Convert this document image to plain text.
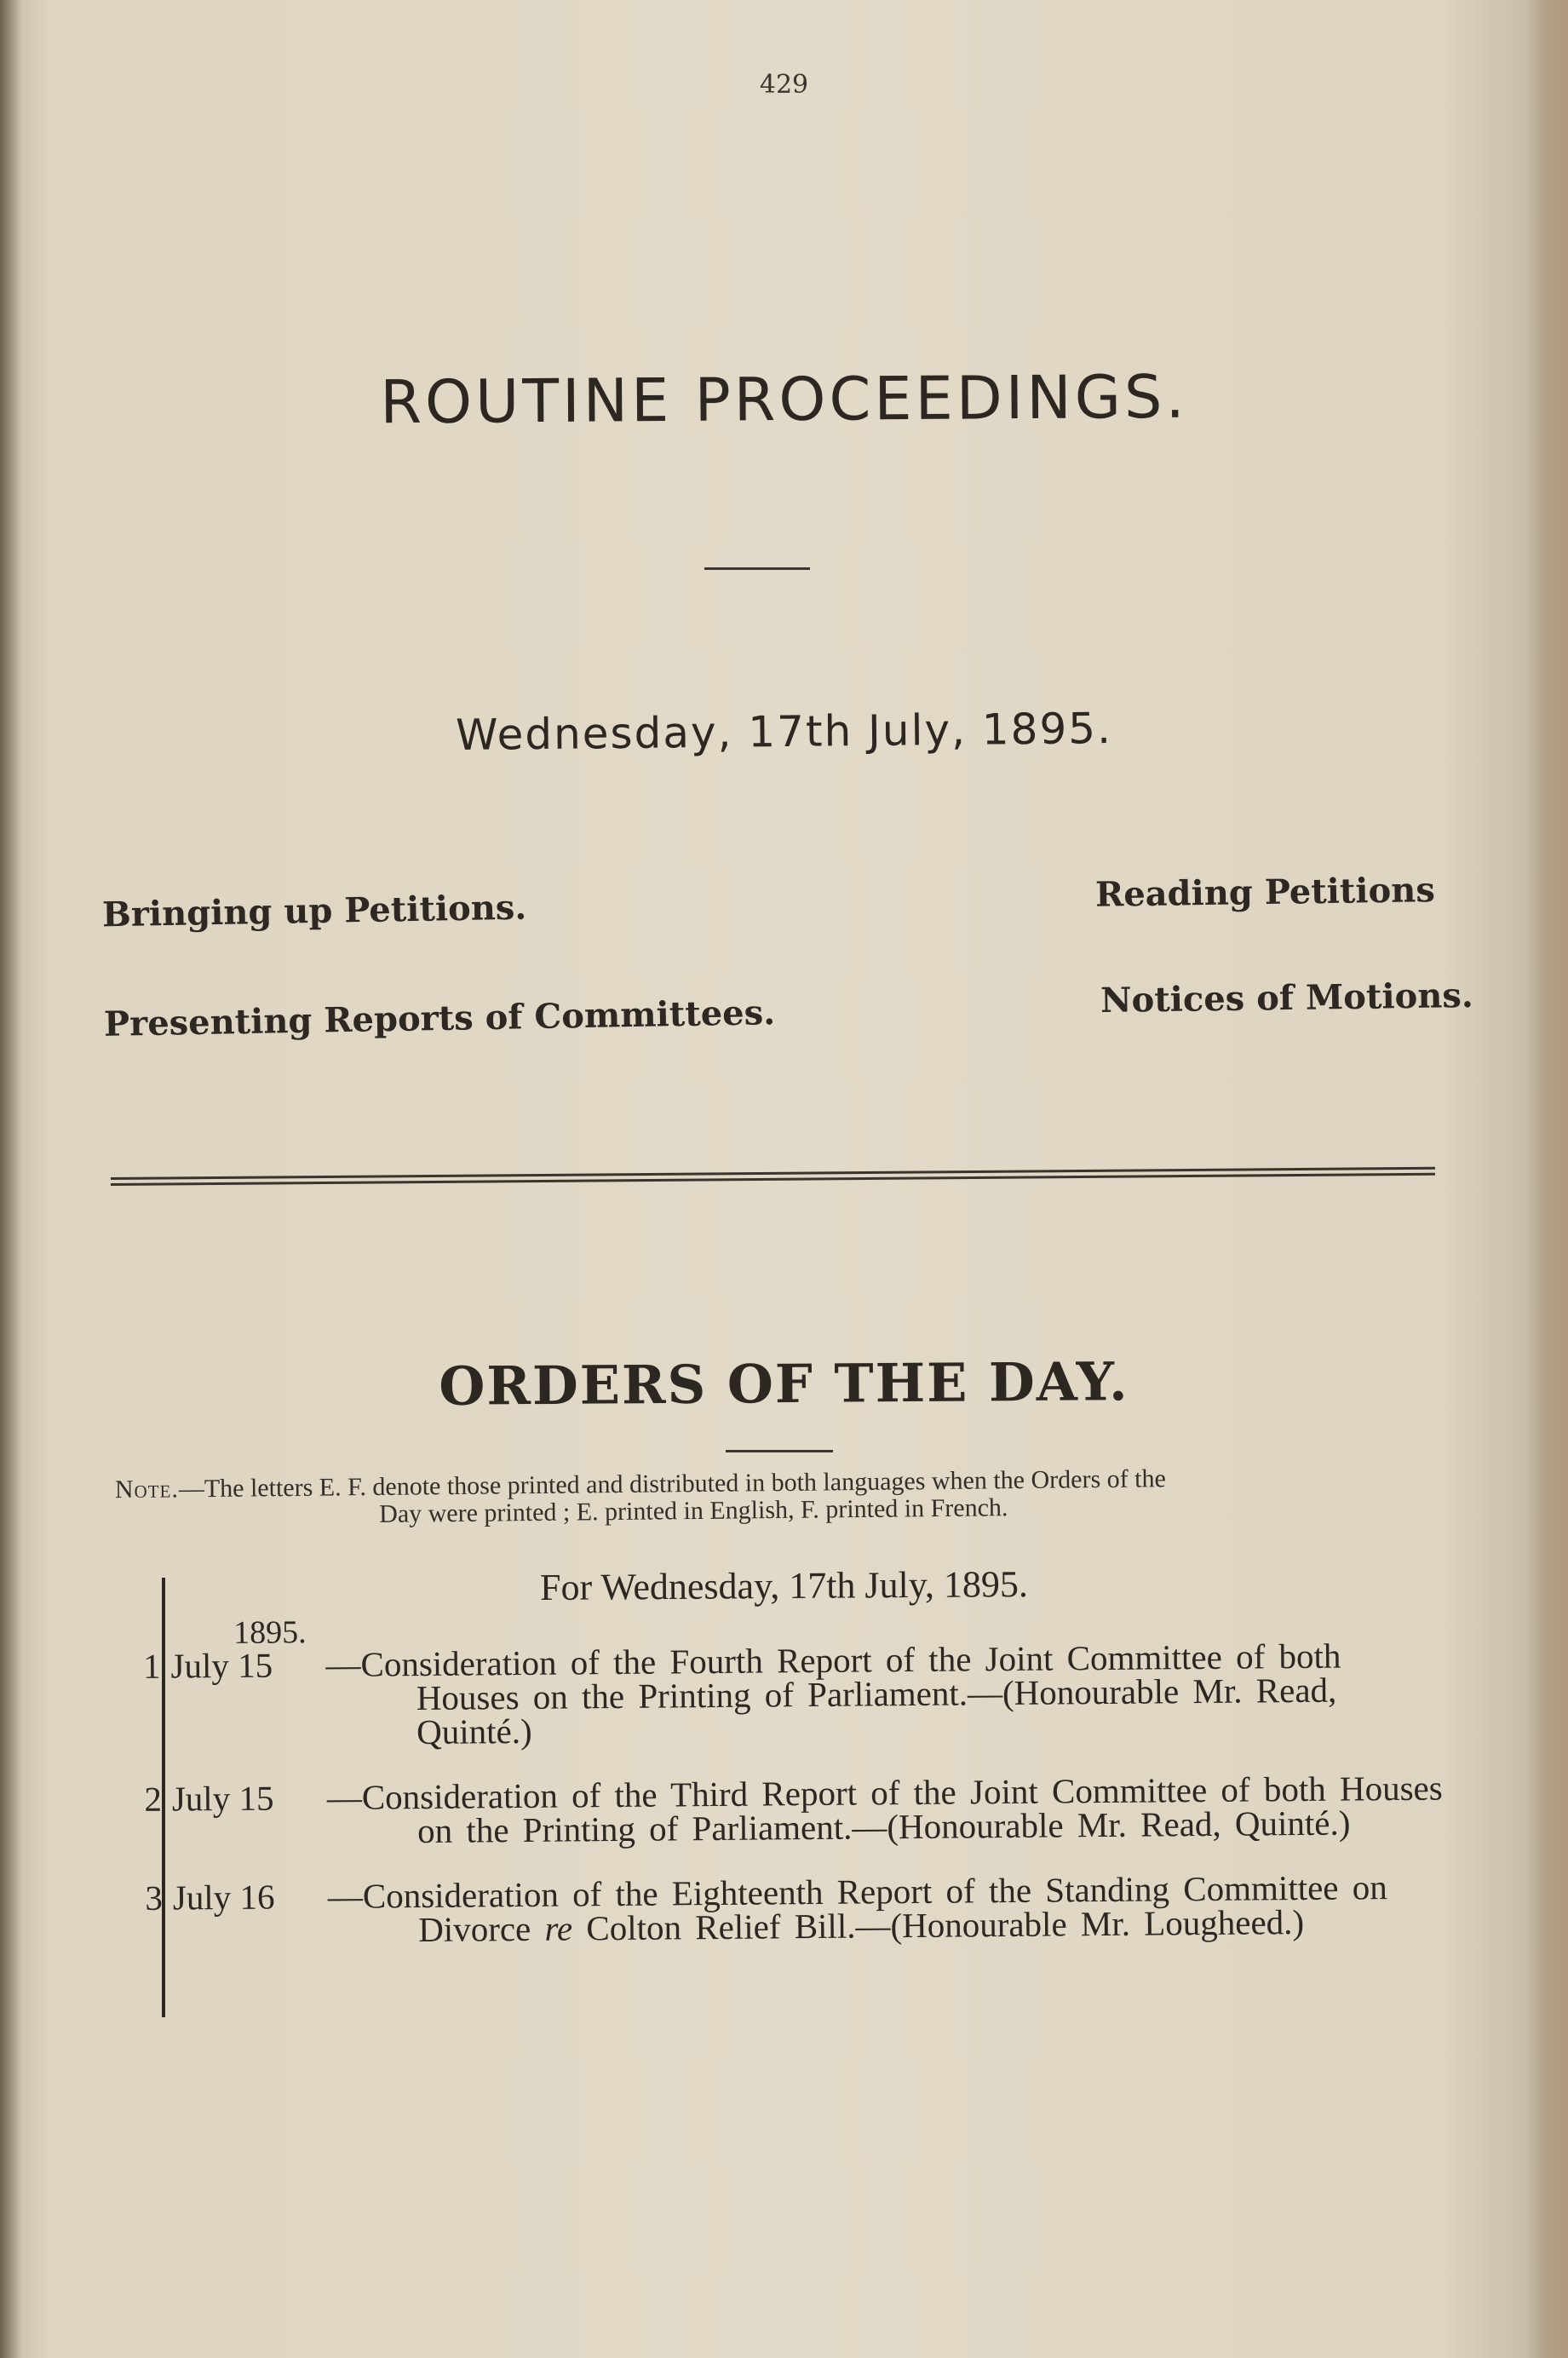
429
ROUTINE PROCEEDINGS.
Wednesday, 17th July, 1895.
Bringing up Petitions.	Reading Petitions
Presenting Reports of Committees.	Notices of Motions.
ORDERS OF THE DAY.
Note.—The letters E. F. denote those printed and distributed in both languages when the Orders of the
Day were printed ; E. printed in English, F. printed in French.
For Wednesday, 17th July, 1895.
1895.
1 July 15 —Consideration of the Fourth Report of the Joint Committee of both Houses on the Printing of Parliament.—(Honourable Mr. Read, Quinté.)
2 July 15 —Consideration of the Third Report of the Joint Committee of both Houses on the Printing of Parliament.—(Honourable Mr. Read, Quinté.)
3 July 16 —Consideration of the Eighteenth Report of the Standing Committee on Divorce re Colton Relief Bill.—(Honourable Mr. Lougheed.)
